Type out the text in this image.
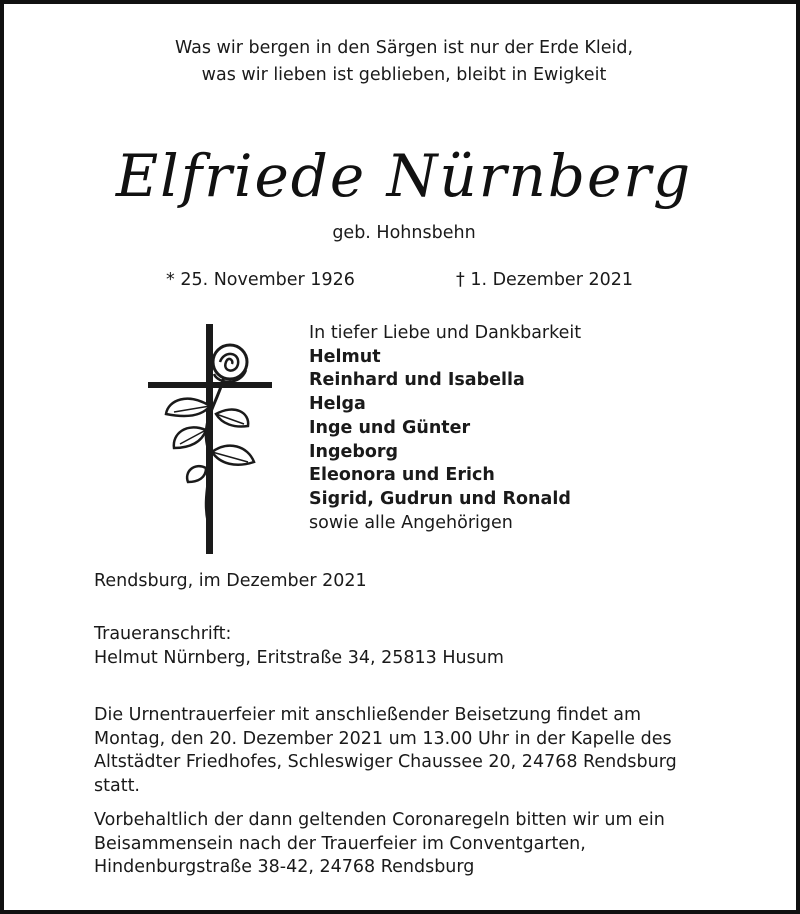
Was wir bergen in den Särgen ist nur der Erde Kleid,
was wir lieben ist geblieben, bleibt in Ewigkeit
Elfriede Nürnberg
geb. Hohnsbehn
* 25. November 1926	† 1. Dezember 2021
In tiefer Liebe und Dankbarkeit
Helmut
Reinhard und Isabella
Helga
Inge und Günter
Ingeborg
Eleonora und Erich
Sigrid, Gudrun und Ronald
sowie alle Angehörigen
Rendsburg, im Dezember 2021
Traueranschrift:
Helmut Nürnberg, Eritstraße 34, 25813 Husum
Die Urnentrauerfeier mit anschließender Beisetzung findet am
Montag, den 20. Dezember 2021 um 13.00 Uhr in der Kapelle des
Altstädter Friedhofes, Schleswiger Chaussee 20, 24768 Rendsburg
statt.
Vorbehaltlich der dann geltenden Coronaregeln bitten wir um ein
Beisammensein nach der Trauerfeier im Conventgarten,
Hindenburgstraße 38-42, 24768 Rendsburg
